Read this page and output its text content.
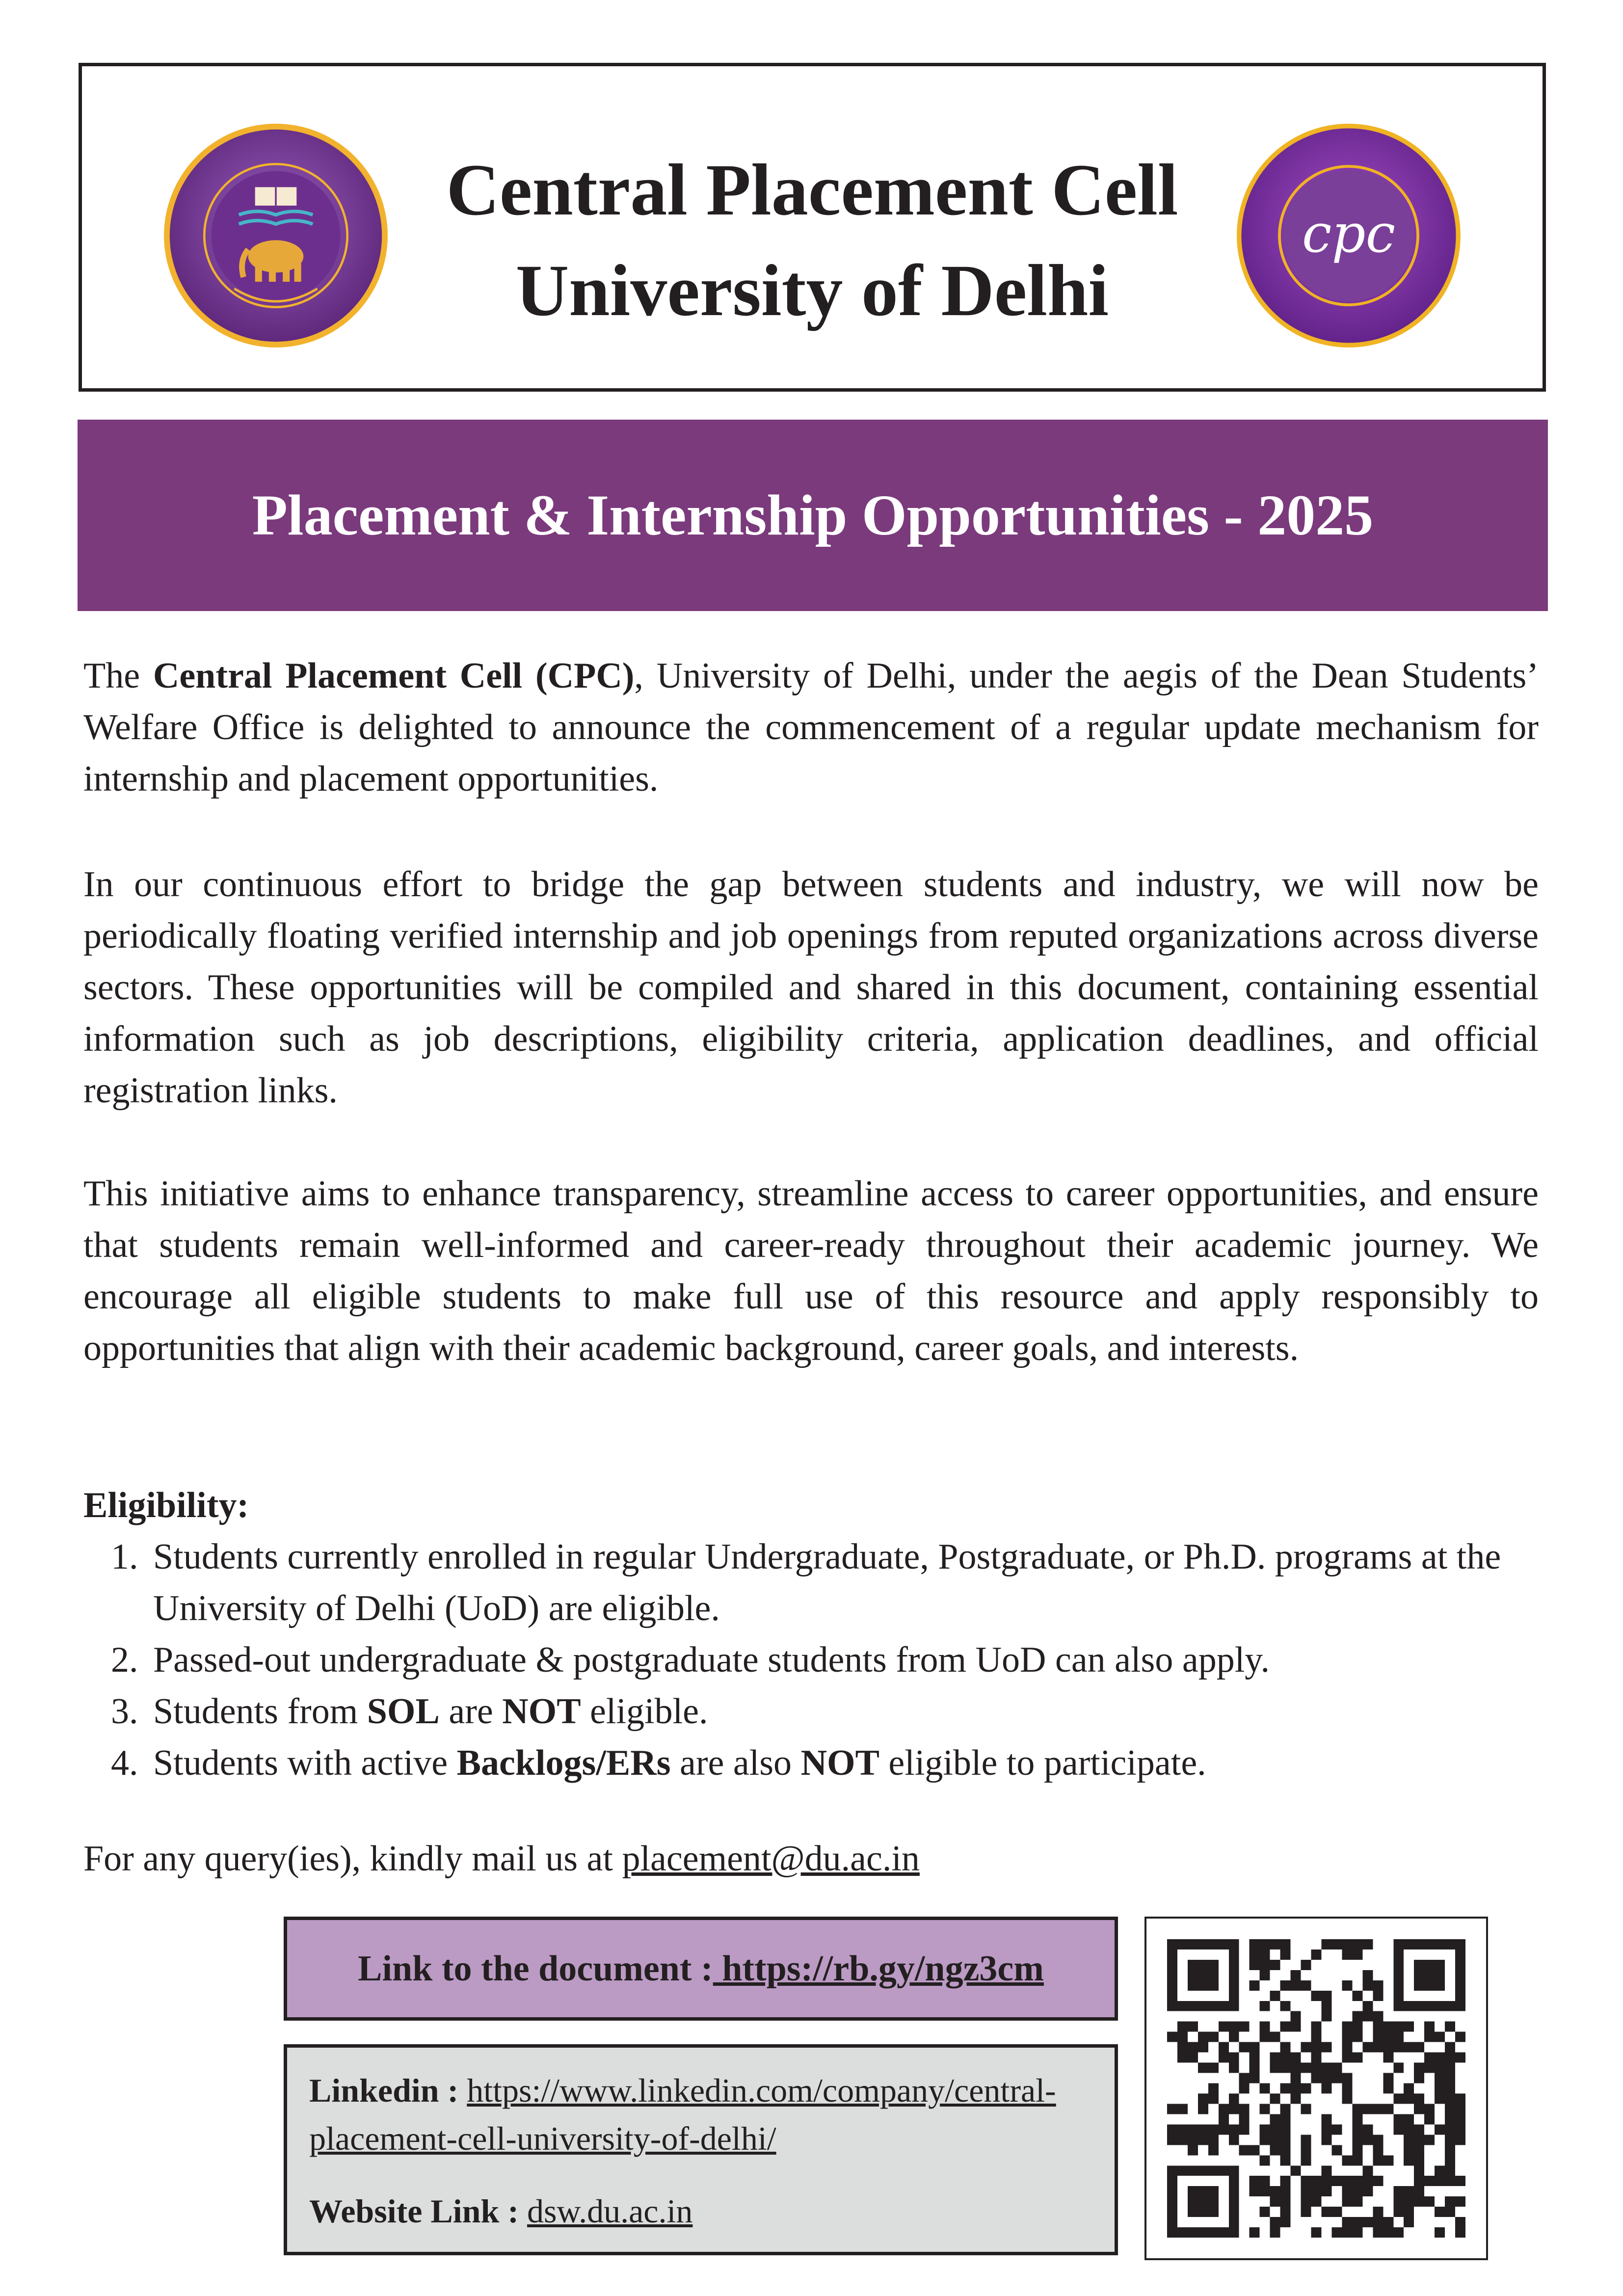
Central Placement Cell
University of Delhi
cpc
Placement & Internship Opportunities - 2025
The Central Placement Cell (CPC), University of Delhi, under the aegis of the Dean Students’ Welfare Office is delighted to announce the commencement of a regular update mechanism for internship and placement opportunities.
In our continuous effort to bridge the gap between students and industry, we will now be periodically floating verified internship and job openings from reputed organizations across diverse sectors. These opportunities will be compiled and shared in this document, containing essential information such as job descriptions, eligibility criteria, application deadlines, and official registration links.
This initiative aims to enhance transparency, streamline access to career opportunities, and ensure that students remain well-informed and career-ready throughout their academic journey. We encourage all eligible students to make full use of this resource and apply responsibly to opportunities that align with their academic background, career goals, and interests.
Eligibility:
1. Students currently enrolled in regular Undergraduate, Postgraduate, or Ph.D. programs at the University of Delhi (UoD) are eligible.
2. Passed-out undergraduate & postgraduate students from UoD can also apply.
3. Students from SOL are NOT eligible.
4. Students with active Backlogs/ERs are also NOT eligible to participate.
For any query(ies), kindly mail us at placement@du.ac.in
Link to the document : https://rb.gy/ngz3cm
Linkedin : https://www.linkedin.com/company/central-placement-cell-university-of-delhi/
Website Link : dsw.du.ac.in
